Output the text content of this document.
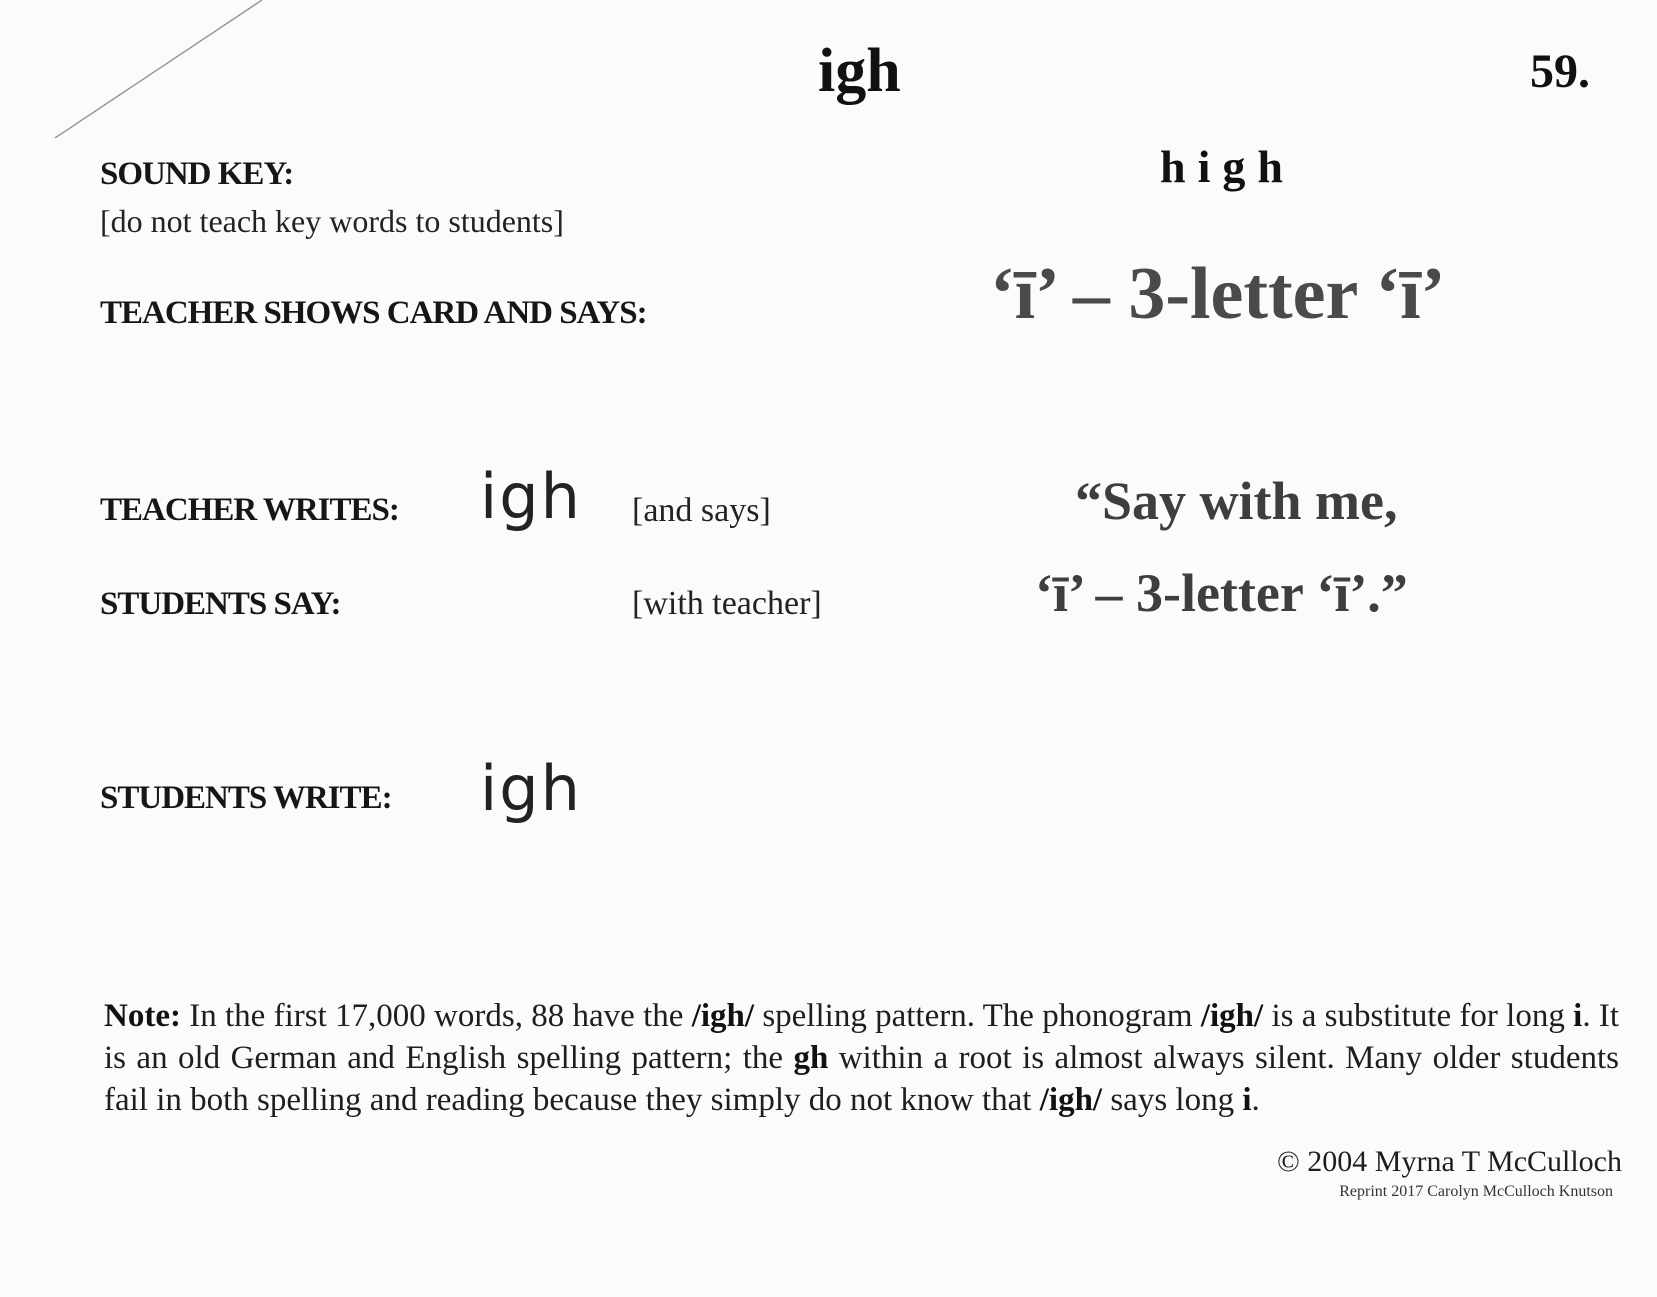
igh	59.
high
SOUND KEY:
[do not teach key words to students]
TEACHER SHOWS CARD AND SAYS:	‘ī’ – 3-letter ‘ī’
TEACHER WRITES: igh [and says]
STUDENTS SAY:	[with teacher]
“Say with me,
‘ī’ – 3-letter ‘ī’.”
STUDENTS WRITE: igh
Note: In the first 17,000 words, 88 have the /igh/ spelling pattern. The phonogram /igh/ is a substitute for long i. It is an old German and English spelling pattern; the gh within a root is almost always silent. Many older students fail in both spelling and reading because they simply do not know that /igh/ says long i.
© 2004 Myrna T McCulloch
Reprint 2017 Carolyn McCulloch Knutson
